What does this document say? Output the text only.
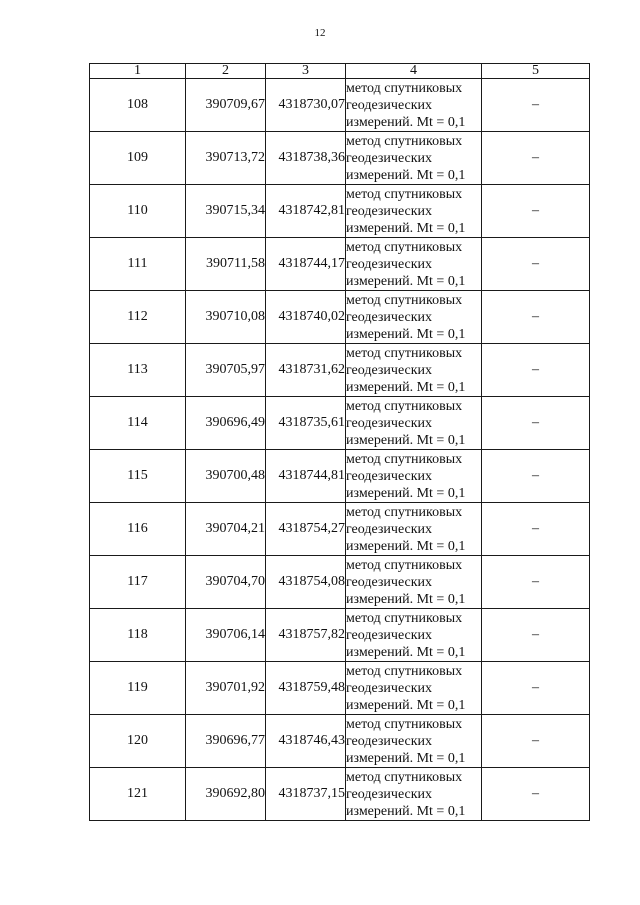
12
1	2	3	4	5
108	390709,67	4318730,07	метод спутниковых
геодезических
измерений. Mt = 0,1	–
109	390713,72	4318738,36	метод спутниковых
геодезических
измерений. Mt = 0,1	–
110	390715,34	4318742,81	метод спутниковых
геодезических
измерений. Mt = 0,1	–
111	390711,58	4318744,17	метод спутниковых
геодезических
измерений. Mt = 0,1	–
112	390710,08	4318740,02	метод спутниковых
геодезических
измерений. Mt = 0,1	–
113	390705,97	4318731,62	метод спутниковых
геодезических
измерений. Mt = 0,1	–
114	390696,49	4318735,61	метод спутниковых
геодезических
измерений. Mt = 0,1	–
115	390700,48	4318744,81	метод спутниковых
геодезических
измерений. Mt = 0,1	–
116	390704,21	4318754,27	метод спутниковых
геодезических
измерений. Mt = 0,1	–
117	390704,70	4318754,08	метод спутниковых
геодезических
измерений. Mt = 0,1	–
118	390706,14	4318757,82	метод спутниковых
геодезических
измерений. Mt = 0,1	–
119	390701,92	4318759,48	метод спутниковых
геодезических
измерений. Mt = 0,1	–
120	390696,77	4318746,43	метод спутниковых
геодезических
измерений. Mt = 0,1	–
121	390692,80	4318737,15	метод спутниковых
геодезических
измерений. Mt = 0,1	–
